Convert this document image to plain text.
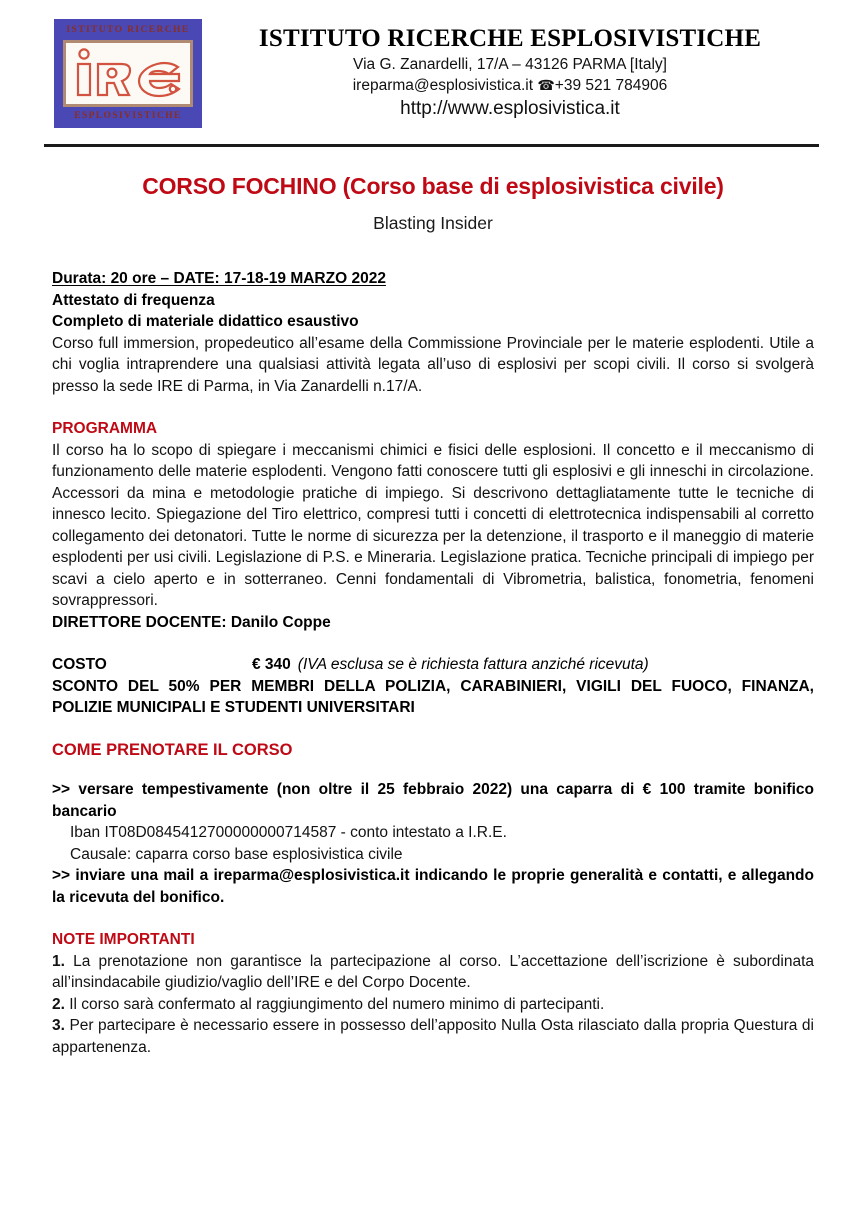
ISTITUTO RICERCHE
ESPLOSIVISTICHE
ISTITUTO RICERCHE ESPLOSIVISTICHE
Via G. Zanardelli, 17/A – 43126 PARMA [Italy]
ireparma@esplosivistica.it ☎+39 521 784906
http://www.esplosivistica.it
CORSO FOCHINO (Corso base di esplosivistica civile)
Blasting Insider
Durata: 20 ore – DATE: 17-18-19 MARZO 2022
Attestato di frequenza
Completo di materiale didattico esaustivo

Corso full immersion, propedeutico all’esame della Commissione Provinciale per le materie esplodenti. Utile a chi voglia intraprendere una qualsiasi attività legata all’uso di esplosivi per scopi civili. Il corso si svolgerà presso la sede IRE di Parma, in Via Zanardelli n.17/A.

PROGRAMMA

Il corso ha lo scopo di spiegare i meccanismi chimici e fisici delle esplosioni. Il concetto e il meccanismo di funzionamento delle materie esplodenti. Vengono fatti conoscere tutti gli esplosivi e gli inneschi in circolazione. Accessori da mina e metodologie pratiche di impiego. Si descrivono dettagliatamente tutte le tecniche di innesco lecito. Spiegazione del Tiro elettrico, compresi tutti i concetti di elettrotecnica indispensabili al corretto collegamento dei detonatori. Tutte le norme di sicurezza per la detenzione, il trasporto e il maneggio di materie esplodenti per usi civili. Legislazione di P.S. e Mineraria. Legislazione pratica. Tecniche principali di impiego per scavi a cielo aperto e in sotterraneo. Cenni fondamentali di Vibrometria, balistica, fonometria, fenomeni sovrappressori.

DIRETTORE DOCENTE: Danilo Coppe

COSTO	€ 340 (IVA esclusa se è richiesta fattura anziché ricevuta)

SCONTO DEL 50% PER MEMBRI DELLA POLIZIA, CARABINIERI, VIGILI DEL FUOCO, FINANZA, POLIZIE MUNICIPALI E STUDENTI UNIVERSITARI

COME PRENOTARE IL CORSO

>> versare tempestivamente (non oltre il 25 febbraio 2022) una caparra di € 100 tramite bonifico bancario

Iban IT08D0845412700000000714587 - conto intestato a I.R.E.

Causale: caparra corso base esplosivistica civile

>> inviare una mail a ireparma@esplosivistica.it indicando le proprie generalità e contatti, e allegando la ricevuta del bonifico.

NOTE IMPORTANTI

1. La prenotazione non garantisce la partecipazione al corso. L’accettazione dell’iscrizione è subordinata all’insindacabile giudizio/vaglio dell’IRE e del Corpo Docente.

2. Il corso sarà confermato al raggiungimento del numero minimo di partecipanti.

3. Per partecipare è necessario essere in possesso dell’apposito Nulla Osta rilasciato dalla propria Questura di appartenenza.
